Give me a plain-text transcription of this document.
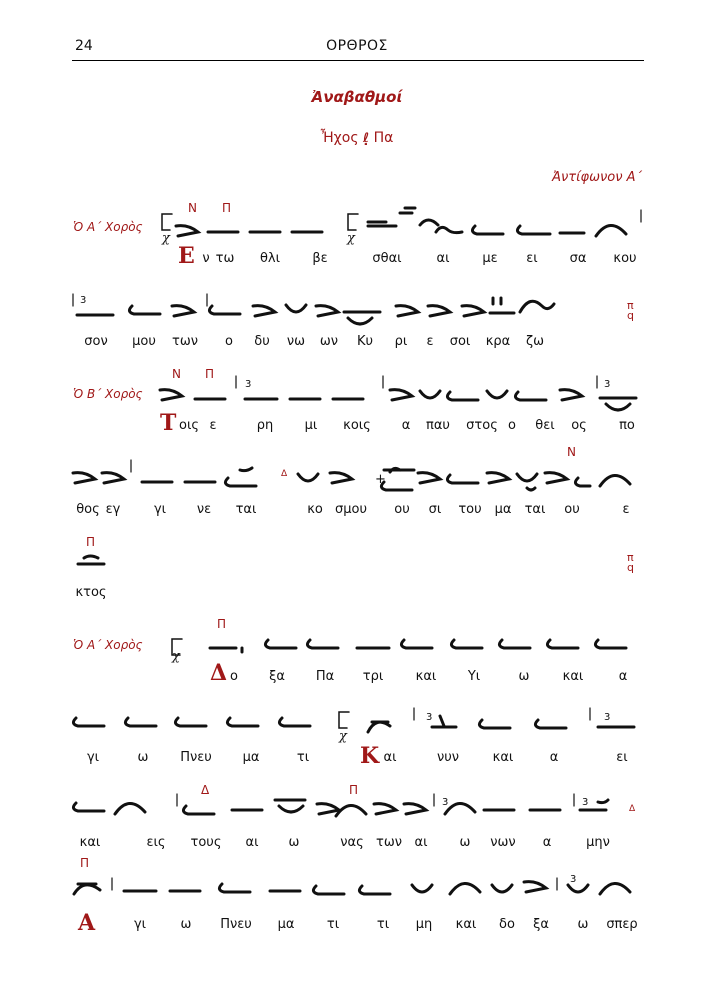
24	ΟΡΘΡΟΣ
Ἀναβαθμοί
Ἦχος ℓ̣ Πα
Ἀντίφωνον Α΄
Ὁ Α΄ Χορὸς
Ὁ Β΄ Χορὸς
Ὁ Α΄ Χορὸς
Ε
Τ
Δ
Κ
Α
Ν Π
Ν Π
Δ
Ν
Π
Π
Δ	Π
Δ
Π
π
q
π
q
χ	χ
χ
χ
+
3
3	3
3	3
3	3
3
ν τω θλι βε	σθαι	αι	με ει σα κου
σον μου των ο δυ νω ων Κυ ρι ε σοι κρα ζω
οις ε	ρη μι κοις α παυ στος ο θει ος πο
θος εγ	γι νε ται	κο σμου ου σι του μα ται ου	ε
κτος
ο ξα Πα τρι και Υι	ω	και	α
γι	ω Πνευ μα	τι	αι	νυν	και	α	ει
και	εις τους αι ω	νας των αι ω νων α	μην
γι	ω Πνευ μα τι	τι μη και δο ξα ω σπερ
